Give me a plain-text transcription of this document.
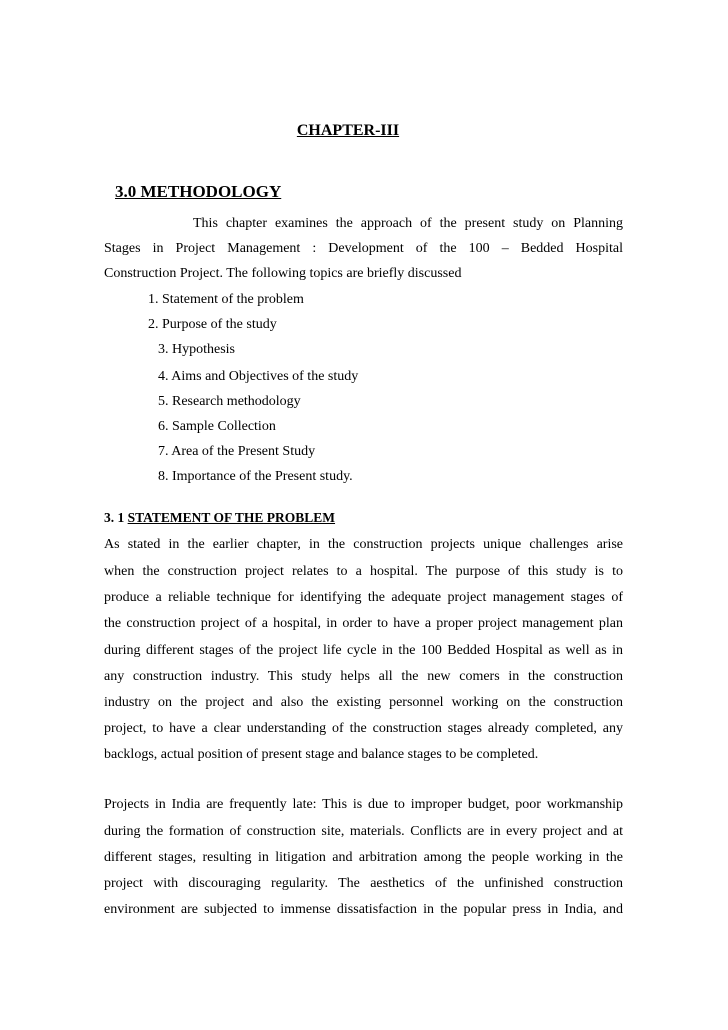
CHAPTER-III
3.0 METHODOLOGY
This chapter examines the approach of the present study on Planning
Stages in Project Management : Development of the 100 – Bedded Hospital
Construction Project. The following topics are briefly discussed
1. Statement of the problem
2. Purpose of the study
3. Hypothesis
4. Aims and Objectives of the study
5. Research methodology
6. Sample Collection
7. Area of the Present Study
8. Importance of the Present study.
3. 1 STATEMENT OF THE PROBLEM
As stated in the earlier chapter, in the construction projects unique challenges arise
when the construction project relates to a hospital. The purpose of this study is to
produce a reliable technique for identifying the adequate project management stages of
the construction project of a hospital, in order to have a proper project management plan
during different stages of the project life cycle in the 100 Bedded Hospital as well as in
any construction industry. This study helps all the new comers in the construction
industry on the project and also the existing personnel working on the construction
project, to have a clear understanding of the construction stages already completed, any
backlogs, actual position of present stage and balance stages to be completed.
Projects in India are frequently late: This is due to improper budget, poor workmanship
during the formation of construction site, materials. Conflicts are in every project and at
different stages, resulting in litigation and arbitration among the people working in the
project with discouraging regularity. The aesthetics of the unfinished construction
environment are subjected to immense dissatisfaction in the popular press in India, and
